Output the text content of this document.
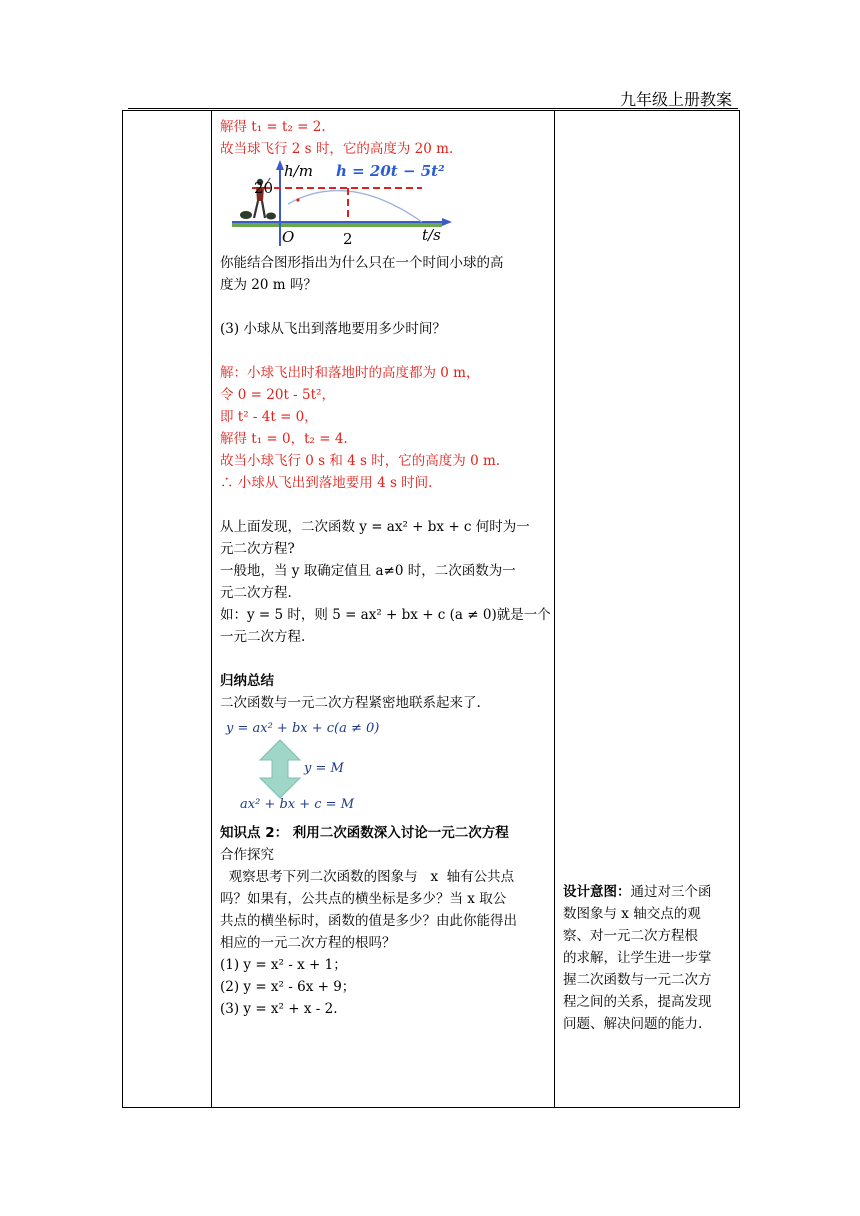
九年级上册教案

解得 t₁ = t₂ = 2.
故当球飞行 2 s 时，它的高度为 20 m.
h/m h = 20t − 5t²
20
O	2	t/s
你能结合图形指出为什么只在一个时间小球的高
度为 20 m 吗？
(3) 小球从飞出到落地要用多少时间？
解：小球飞出时和落地时的高度都为 0 m，
令 0 = 20t - 5t²，
即 t² - 4t = 0，
解得 t₁ = 0，t₂ = 4.
故当小球飞行 0 s 和 4 s 时，它的高度为 0 m.
∴ 小球从飞出到落地要用 4 s 时间.
从上面发现，二次函数 y = ax² + bx + c 何时为一
元二次方程?
一般地，当 y 取确定值且 a≠0 时，二次函数为一
元二次方程.
如：y = 5 时，则 5 = ax² + bx + c (a ≠ 0)就是一个
一元二次方程.
归纳总结
二次函数与一元二次方程紧密地联系起来了.
y = ax² + bx + c(a ≠ 0)
y = M
ax² + bx + c = M
知识点 2： 利用二次函数深入讨论一元二次方程
合作探究
观察思考下列二次函数的图象与   x  轴有公共点
吗？如果有，公共点的横坐标是多少？当 x 取公
共点的横坐标时，函数的值是多少？由此你能得出
相应的一元二次方程的根吗？
(1) y = x² - x + 1；
(2) y = x² - 6x + 9；
(3) y = x² + x - 2.

设计意图：通过对三个函
数图象与 x 轴交点的观
察、对一元二次方程根
的求解，让学生进一步掌
握二次函数与一元二次方
程之间的关系，提高发现
问题、解决问题的能力.
